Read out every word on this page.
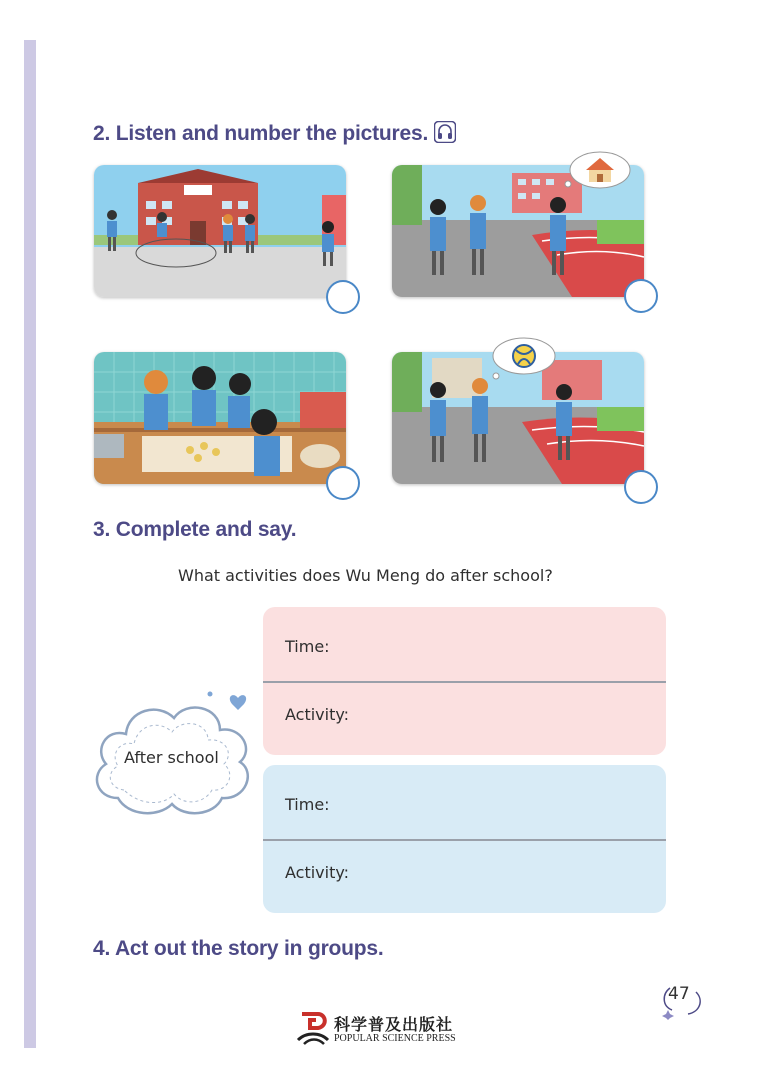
2. Listen and number the pictures.
3. Complete and say.
What activities does Wu Meng do after school?
After school
Time:
Activity:
Time:
Activity:
4. Act out the story in groups.
47
科学普及出版社
POPULAR SCIENCE PRESS
